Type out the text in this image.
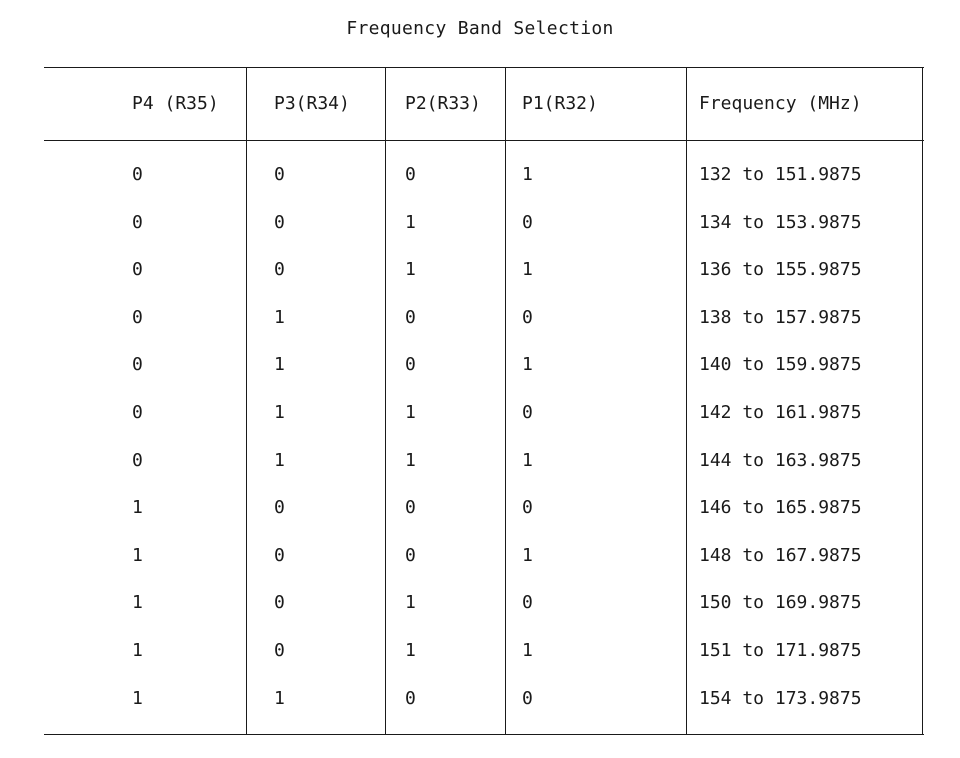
Frequency Band Selection
P4 (R35)	P3(R34)	P2(R33) P1(R32)	Frequency (MHz)
0	0	0	1	132 to 151.9875
0	0	1	0	134 to 153.9875
0	0	1	1	136 to 155.9875
0	1	0	0	138 to 157.9875
0	1	0	1	140 to 159.9875
0	1	1	0	142 to 161.9875
0	1	1	1	144 to 163.9875
1	0	0	0	146 to 165.9875
1	0	0	1	148 to 167.9875
1	0	1	0	150 to 169.9875
1	0	1	1	151 to 171.9875
1	1	0	0	154 to 173.9875
